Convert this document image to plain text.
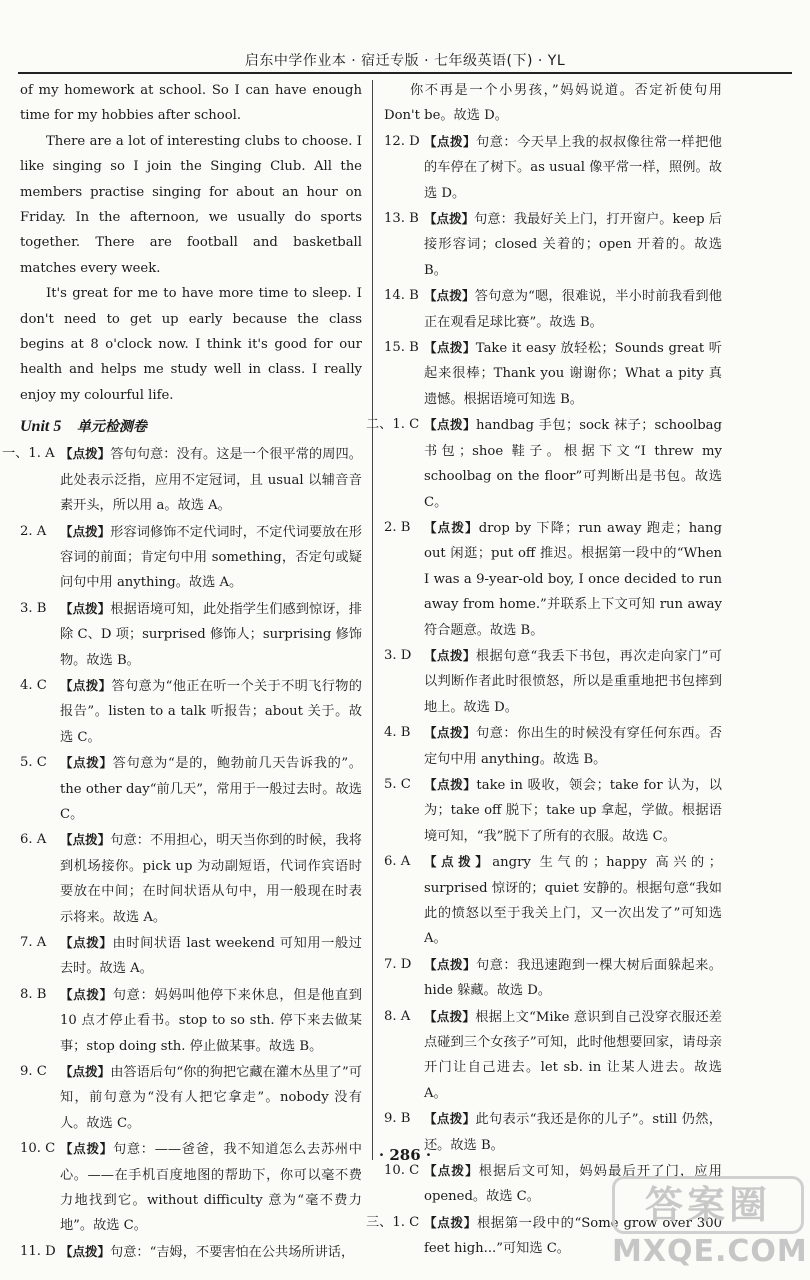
启东中学作业本 · 宿迁专版 · 七年级英语(下) · YL

of my homework at school. So I can have enough time for my hobbies after school.

There are a lot of interesting clubs to choose. I like singing so I join the Singing Club. All the members practise singing for about an hour on Friday. In the afternoon, we usually do sports together. There are football and basketball matches every week.

It's great for me to have more time to sleep. I don't need to get up early because the class begins at 8 o'clock now. I think it's good for our health and helps me study well in class. I really enjoy my colourful life.

Unit 5 单元检测卷
一、1. A 【点拨】答句句意：没有。这是一个很平常的周四。此处表示泛指，应用不定冠词，且 usual 以辅音音素开头，所以用 a。故选 A。
2. A 【点拨】形容词修饰不定代词时，不定代词要放在形容词的前面；肯定句中用 something，否定句或疑问句中用 anything。故选 A。
3. B 【点拨】根据语境可知，此处指学生们感到惊讶，排除 C、D 项；surprised 修饰人；surprising 修饰物。故选 B。
4. C 【点拨】答句意为“他正在听一个关于不明飞行物的报告”。listen to a talk 听报告；about 关于。故选 C。
5. C 【点拨】答句意为“是的，鲍勃前几天告诉我的”。the other day“前几天”，常用于一般过去时。故选 C。
6. A 【点拨】句意：不用担心，明天当你到的时候，我将到机场接你。pick up 为动副短语，代词作宾语时要放在中间；在时间状语从句中，用一般现在时表示将来。故选 A。
7. A 【点拨】由时间状语 last weekend 可知用一般过去时。故选 A。
8. B 【点拨】句意：妈妈叫他停下来休息，但是他直到 10 点才停止看书。stop to so sth. 停下来去做某事；stop doing sth. 停止做某事。故选 B。
9. C 【点拨】由答语后句“你的狗把它藏在灌木丛里了”可知，前句意为“没有人把它拿走”。nobody 没有人。故选 C。
10. C 【点拨】句意：——爸爸，我不知道怎么去苏州中心。——在手机百度地图的帮助下，你可以毫不费力地找到它。without difficulty 意为“毫不费力地”。故选 C。
11. D 【点拨】句意：“吉姆，不要害怕在公共场所讲话，

你不再是一个小男孩，”妈妈说道。否定祈使句用 Don't be。故选 D。

12. D 【点拨】句意：今天早上我的叔叔像往常一样把他的车停在了树下。as usual 像平常一样，照例。故选 D。
13. B 【点拨】句意：我最好关上门，打开窗户。keep 后接形容词；closed 关着的；open 开着的。故选 B。
14. B 【点拨】答句意为“嗯，很难说，半小时前我看到他正在观看足球比赛”。故选 B。
15. B 【点拨】Take it easy 放轻松；Sounds great 听起来很棒；Thank you 谢谢你；What a pity 真遗憾。根据语境可知选 B。
二、1. C 【点拨】handbag 手包；sock 袜子；schoolbag 书包；shoe 鞋子。根据下文“I threw my schoolbag on the floor”可判断出是书包。故选 C。
2. B 【点拨】drop by 下降；run away 跑走；hang out 闲逛；put off 推迟。根据第一段中的“When I was a 9-year-old boy, I once decided to run away from home.”并联系上下文可知 run away 符合题意。故选 B。
3. D 【点拨】根据句意“我丢下书包，再次走向家门”可以判断作者此时很愤怒，所以是重重地把书包摔到地上。故选 D。
4. B 【点拨】句意：你出生的时候没有穿任何东西。否定句中用 anything。故选 B。
5. C 【点拨】take in 吸收，领会；take for 认为，以为；take off 脱下；take up 拿起，学做。根据语境可知，“我”脱下了所有的衣服。故选 C。
6. A 【点拨】angry 生气的；happy 高兴的；surprised 惊讶的；quiet 安静的。根据句意“我如此的愤怒以至于我关上门，又一次出发了”可知选 A。
7. D 【点拨】句意：我迅速跑到一棵大树后面躲起来。hide 躲藏。故选 D。
8. A 【点拨】根据上文“Mike 意识到自己没穿衣服还差点碰到三个女孩子”可知，此时他想要回家，请母亲开门让自己进去。let sb. in 让某人进去。故选 A。
9. B 【点拨】此句表示“我还是你的儿子”。still 仍然，还。故选 B。
10. C 【点拨】根据后文可知，妈妈最后开了门，应用 opened。故选 C。
三、1. C 【点拨】根据第一段中的“Some grow over 300 feet high...”可知选 C。
· 286 ·
答案圈
MXQE.COM
